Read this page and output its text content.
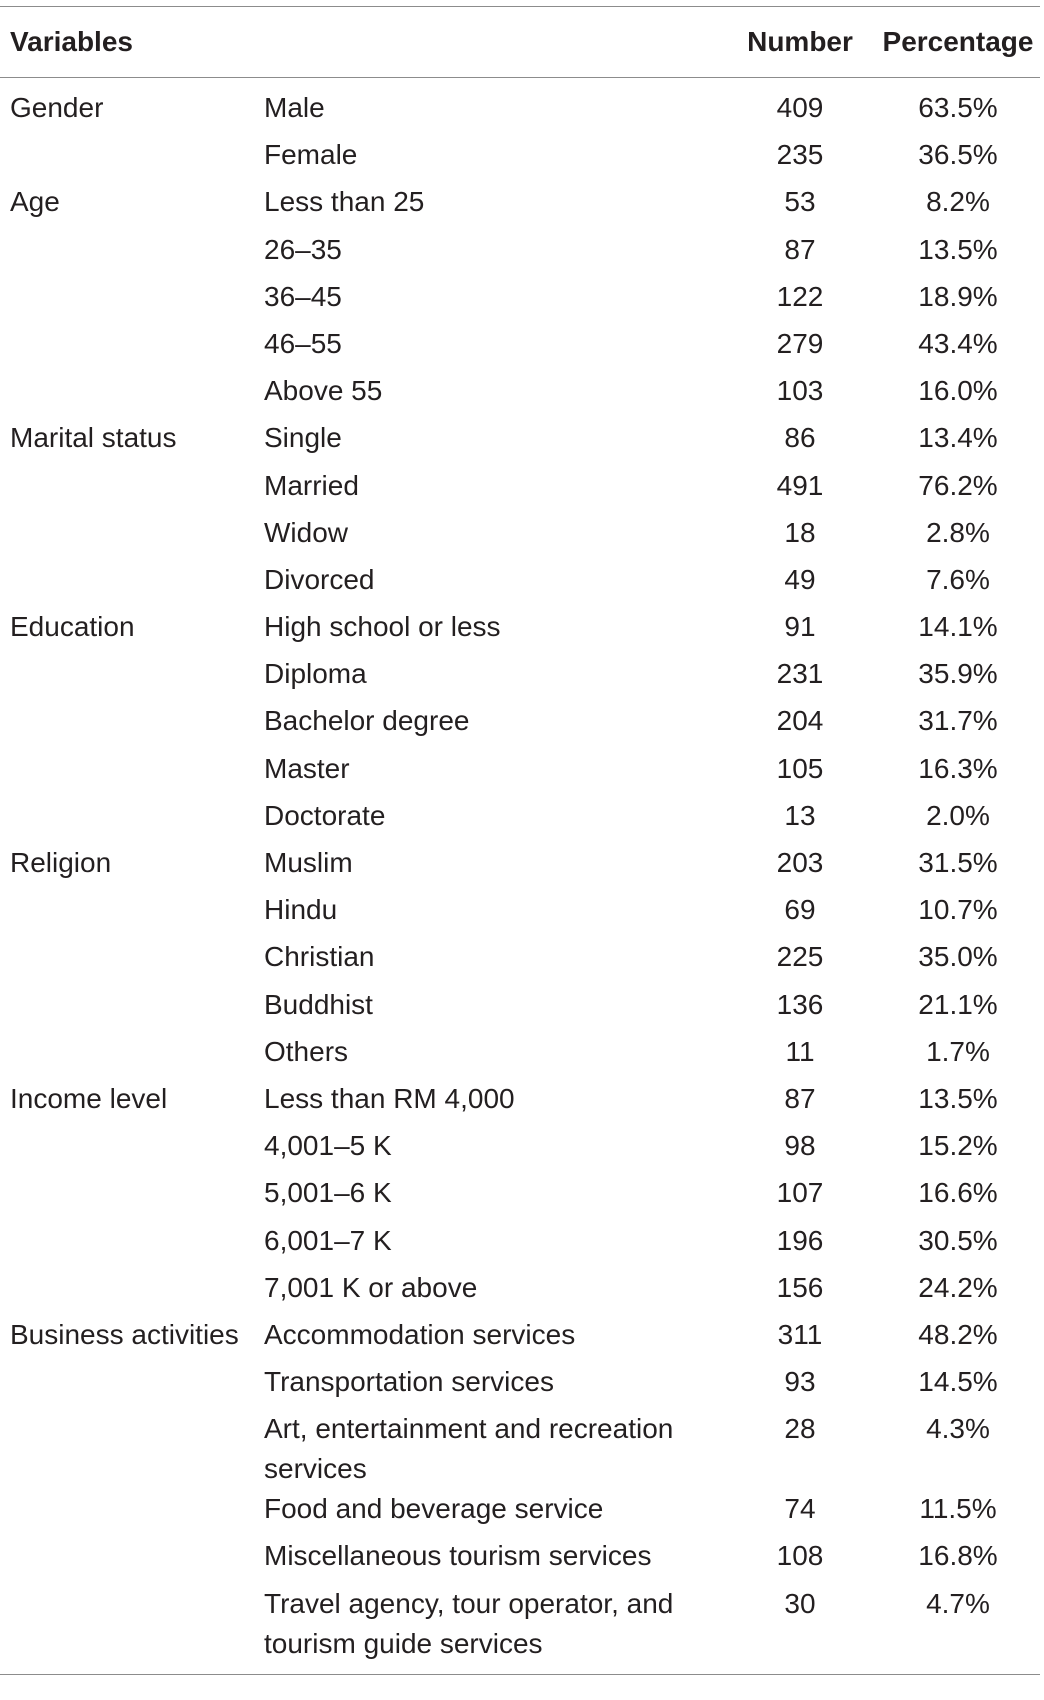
Variables		Number	Percentage
Gender	Male	409	63.5%
	Female	235	36.5%
Age	Less than 25	53	8.2%
	26–35	87	13.5%
	36–45	122	18.9%
	46–55	279	43.4%
	Above 55	103	16.0%
Marital status	Single	86	13.4%
	Married	491	76.2%
	Widow	18	2.8%
	Divorced	49	7.6%
Education	High school or less	91	14.1%
	Diploma	231	35.9%
	Bachelor degree	204	31.7%
	Master	105	16.3%
	Doctorate	13	2.0%
Religion	Muslim	203	31.5%
	Hindu	69	10.7%
	Christian	225	35.0%
	Buddhist	136	21.1%
	Others	11	1.7%
Income level	Less than RM 4,000	87	13.5%
	4,001–5 K	98	15.2%
	5,001–6 K	107	16.6%
	6,001–7 K	196	30.5%
	7,001 K or above	156	24.2%
Business activities	Accommodation services	311	48.2%
	Transportation services	93	14.5%
	Art, entertainment and recreation services	28	4.3%
	Food and beverage service	74	11.5%
	Miscellaneous tourism services	108	16.8%
	Travel agency, tour operator, and tourism guide services	30	4.7%
